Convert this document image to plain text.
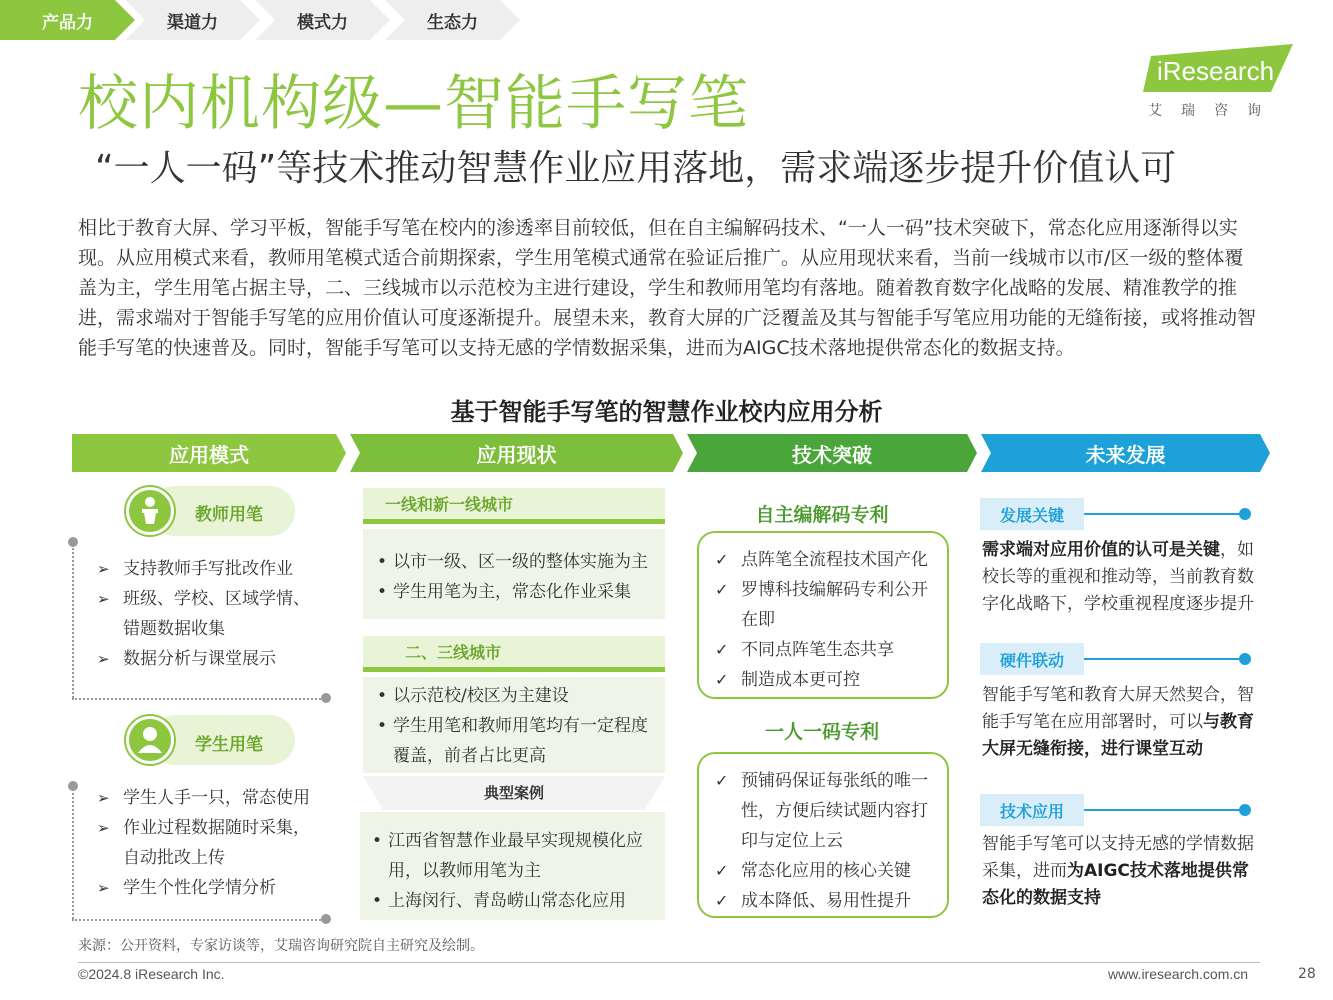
产品力	渠道力	模式力	生态力
iResearch
艾瑞咨询
校内机构级—智能手写笔
“一人一码”等技术推动智慧作业应用落地，需求端逐步提升价值认可

相比于教育大屏、学习平板，智能手写笔在校内的渗透率目前较低，但在自主编解码技术、“一人一码”技术突破下，常态化应用逐渐得以实现。从应用模式来看，教师用笔模式适合前期探索，学生用笔模式通常在验证后推广。从应用现状来看，当前一线城市以市/区一级的整体覆盖为主，学生用笔占据主导，二、三线城市以示范校为主进行建设，学生和教师用笔均有落地。随着教育数字化战略的发展、精准教学的推进，需求端对于智能手写笔的应用价值认可度逐渐提升。展望未来，教育大屏的广泛覆盖及其与智能手写笔应用功能的无缝衔接，或将推动智能手写笔的快速普及。同时，智能手写笔可以支持无感的学情数据采集，进而为AIGC技术落地提供常态化的数据支持。

基于智能手写笔的智慧作业校内应用分析
应用模式	应用现状	技术突破	未来发展
教师用笔
➢ 支持教师手写批改作业
➢ 班级、学校、区域学情、错题数据收集
➢ 数据分析与课堂展示
学生用笔
➢ 学生人手一只，常态使用
➢ 作业过程数据随时采集，自动批改上传
➢ 学生个性化学情分析
一线和新一线城市
• 以市一级、区一级的整体实施为主
• 学生用笔为主，常态化作业采集
二、三线城市
• 以示范校/校区为主建设
• 学生用笔和教师用笔均有一定程度覆盖，前者占比更高
典型案例
• 江西省智慧作业最早实现规模化应用，以教师用笔为主
• 上海闵行、青岛崂山常态化应用
自主编解码专利
✓ 点阵笔全流程技术国产化
✓ 罗博科技编解码专利公开在即
✓ 不同点阵笔生态共享
✓ 制造成本更可控
一人一码专利
✓ 预铺码保证每张纸的唯一性，方便后续试题内容打印与定位上云
✓ 常态化应用的核心关键
✓ 成本降低、易用性提升
发展关键
需求端对应用价值的认可是关键，如校长等的重视和推动等，当前教育数字化战略下，学校重视程度逐步提升
硬件联动
智能手写笔和教育大屏天然契合，智能手写笔在应用部署时，可以与教育大屏无缝衔接，进行课堂互动
技术应用
智能手写笔可以支持无感的学情数据采集，进而为AIGC技术落地提供常态化的数据支持
来源：公开资料，专家访谈等，艾瑞咨询研究院自主研究及绘制。
©2024.8 iResearch Inc.	www.iresearch.com.cn	28
